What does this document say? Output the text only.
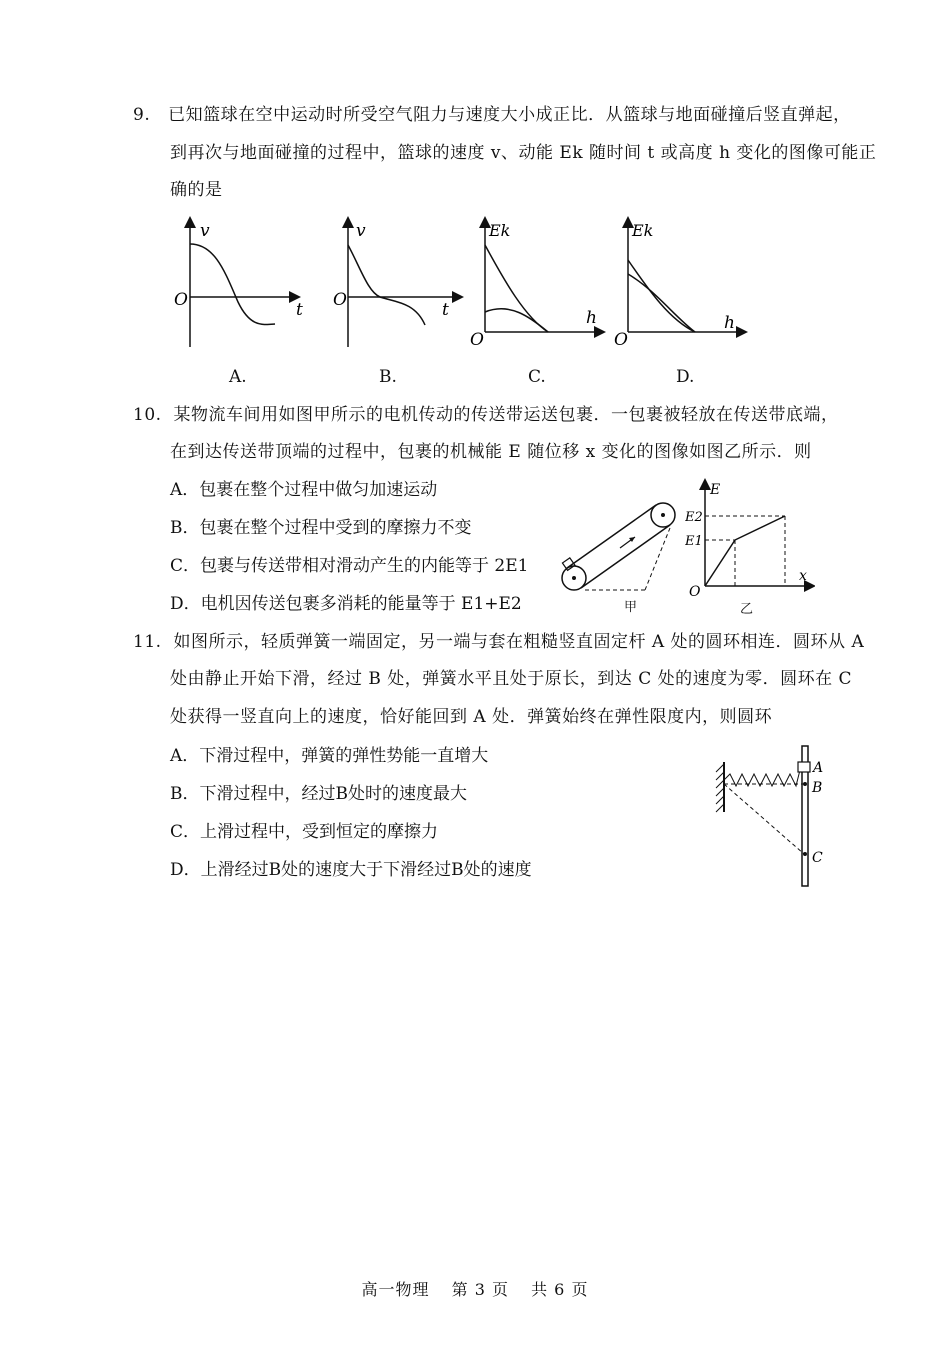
9. 已知篮球在空中运动时所受空气阻力与速度大小成正比．从篮球与地面碰撞后竖直弹起，
到再次与地面碰撞的过程中，篮球的速度 v、动能 Ek 随时间 t 或高度 h 变化的图像可能正
确的是
v
t
O
v
t
O
Ek
h
O
Ek
h
O
A.	B.	C.	D.
10. 某物流车间用如图甲所示的电机传动的传送带运送包裹．一包裹被轻放在传送带底端，
在到达传送带顶端的过程中，包裹的机械能 E 随位移 x 变化的图像如图乙所示．则
A．包裹在整个过程中做匀加速运动
B．包裹在整个过程中受到的摩擦力不变
C．包裹与传送带相对滑动产生的内能等于 2E1
D．电机因传送包裹多消耗的能量等于 E1+E2	甲
E
x
O
E1
E2
乙
11. 如图所示，轻质弹簧一端固定，另一端与套在粗糙竖直固定杆 A 处的圆环相连．圆环从 A
处由静止开始下滑，经过 B 处，弹簧水平且处于原长，到达 C 处的速度为零．圆环在 C
处获得一竖直向上的速度，恰好能回到 A 处．弹簧始终在弹性限度内，则圆环
A．下滑过程中，弹簧的弹性势能一直增大
B．下滑过程中，经过B处时的速度最大
C．上滑过程中，受到恒定的摩擦力
D．上滑经过B处的速度大于下滑经过B处的速度
A
B
C
高一物理 第 3 页 共 6 页
